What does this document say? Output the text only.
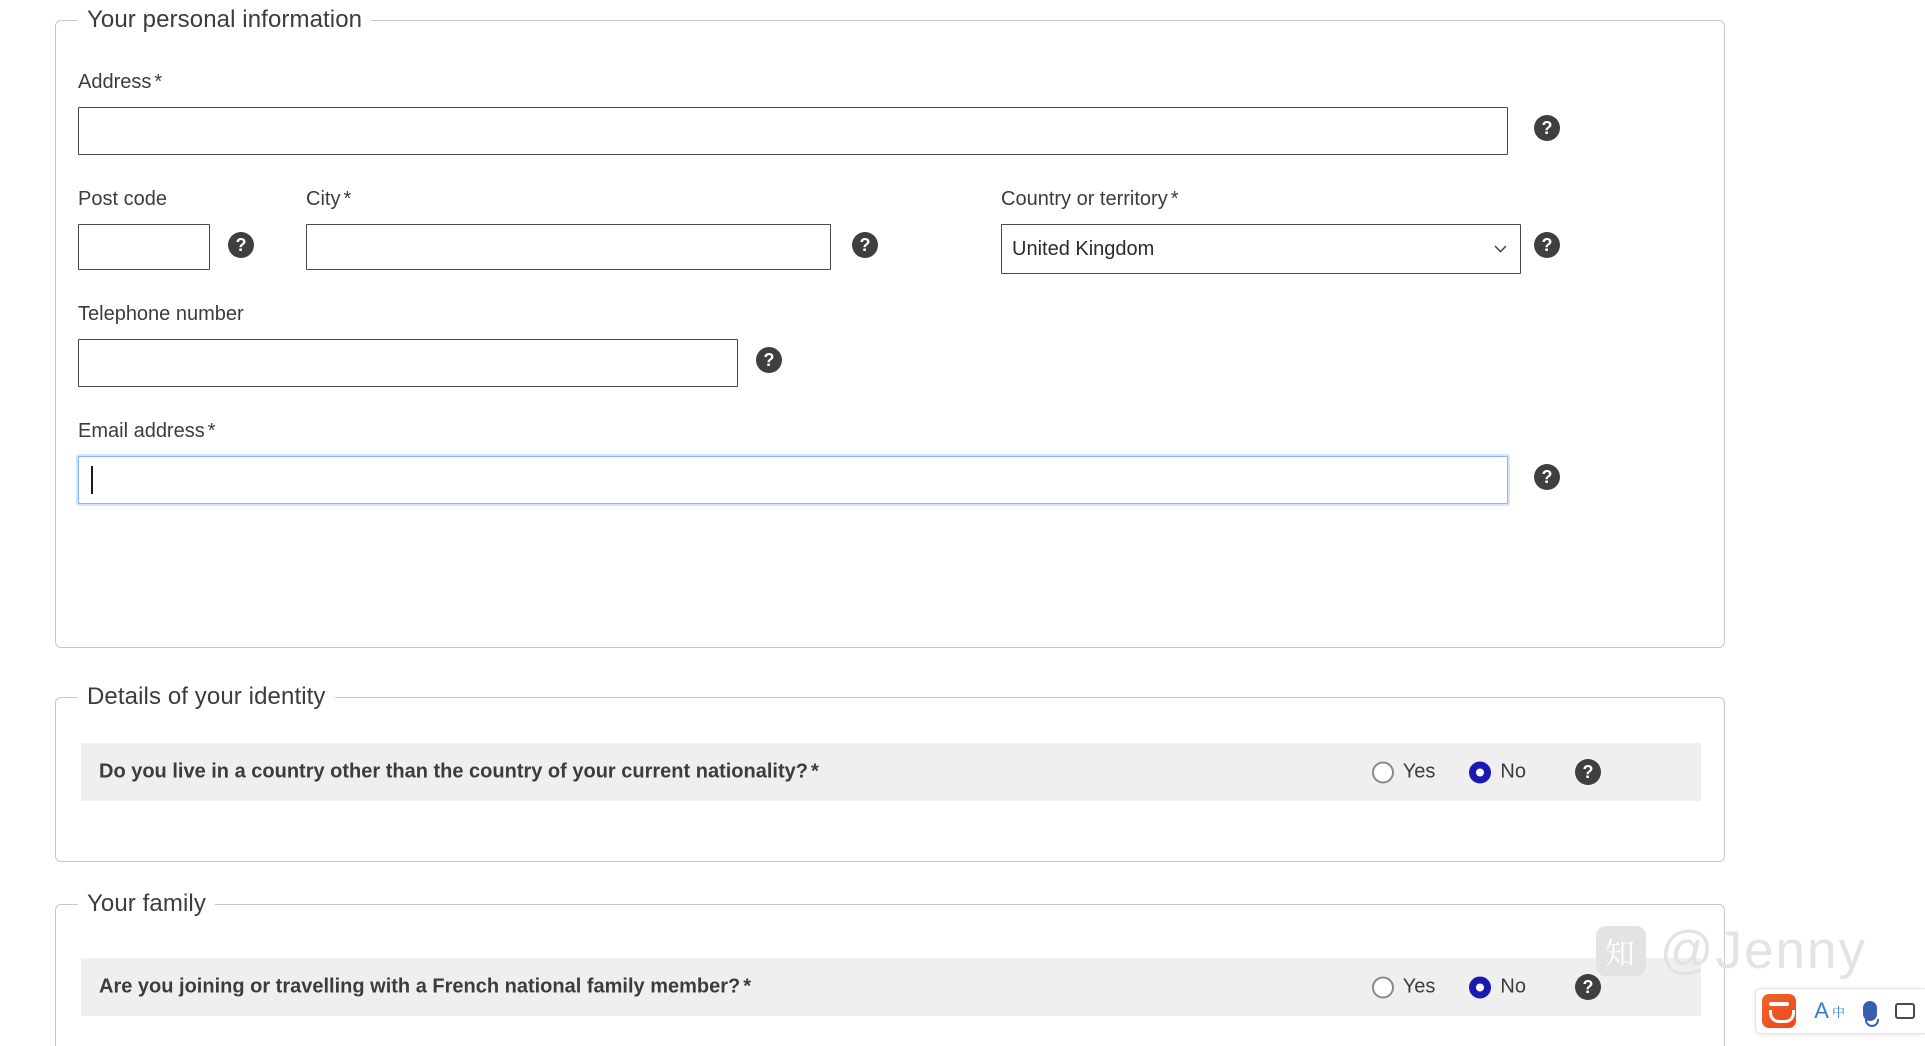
Your personal information
Address *
?
Post code
?
City *
?
Country or territory *
United Kingdom
?
Telephone number
?
Email address *
?
Details of your identity
Do you live in a country other than the country of your current nationality? *	Yes	No	?
Your family
Are you joining or travelling with a French national family member? *	Yes	No	?
知
@Jenny
A 中
